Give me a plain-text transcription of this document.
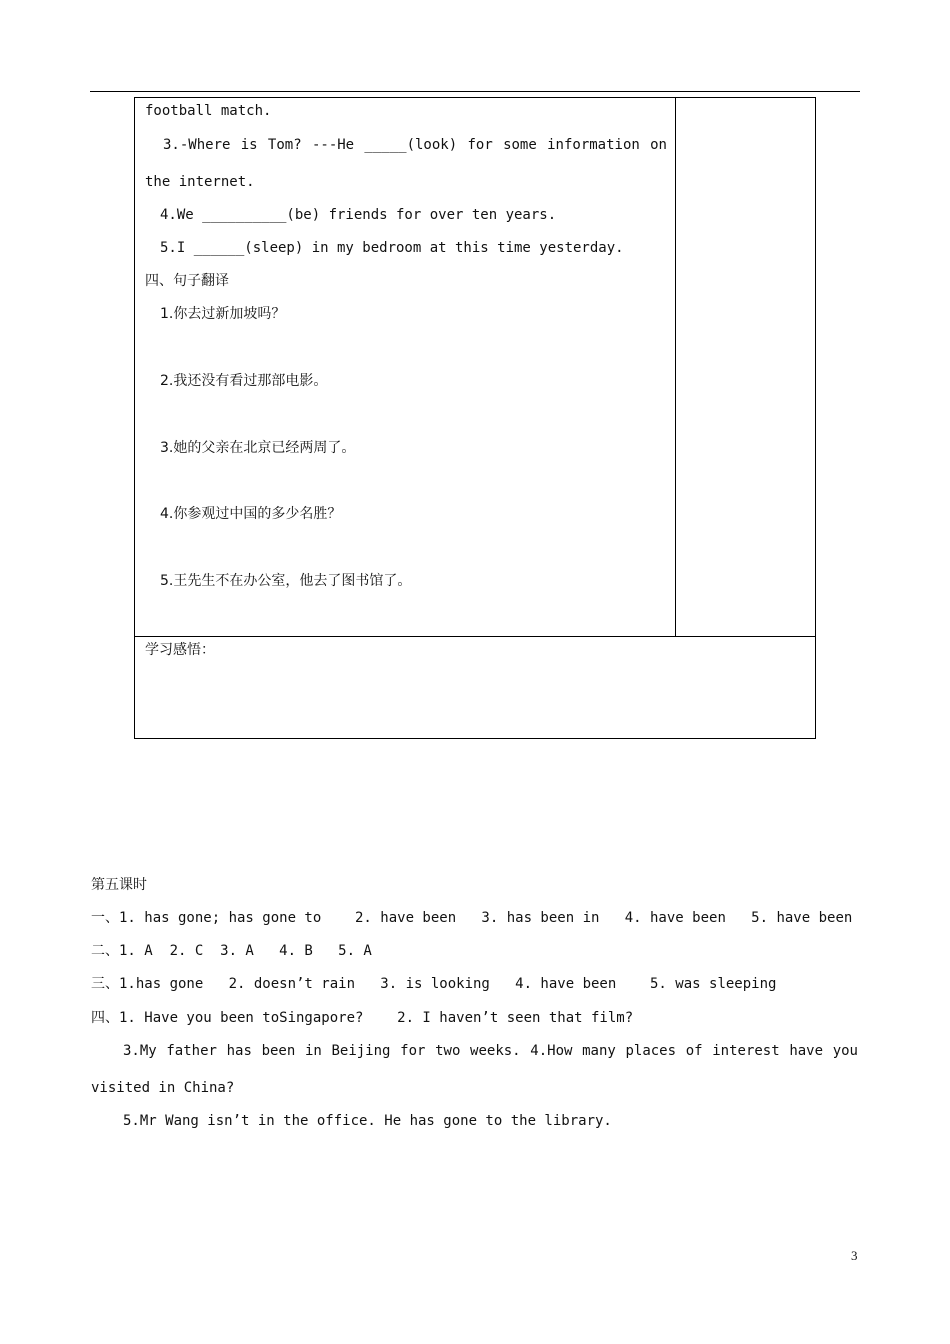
football match.
3.-Where is Tom? ---He _____(look) for some information on
the internet.
4.We __________(be) friends for over ten years.
5.I ______(sleep) in my bedroom at this time yesterday.
四、句子翻译
1.你去过新加坡吗？
2.我还没有看过那部电影。
3.她的父亲在北京已经两周了。
4.你参观过中国的多少名胜？
5.王先生不在办公室，他去了图书馆了。
学习感悟：
第五课时
一、1. has gone; has gone to    2. have been   3. has been in   4. have been   5. have been
二、1. A  2. C  3. A   4. B   5. A
三、1.has gone   2. doesn’t rain   3. is looking   4. have been    5. was sleeping
四、1. Have you been toSingapore?    2. I haven’t seen that film?
3.My father has been in Beijing for two weeks. 4.How many places of interest have you
visited in China?
5.Mr Wang isn’t in the office. He has gone to the library.
3
